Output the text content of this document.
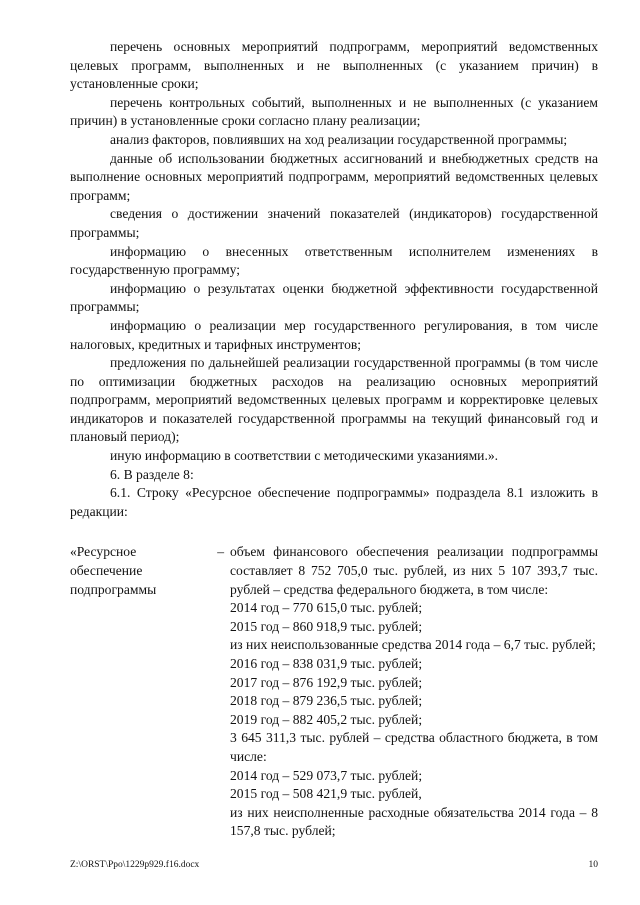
перечень основных мероприятий подпрограмм, мероприятий ведомственных целевых программ, выполненных и не выполненных (с указанием причин) в установленные сроки;

перечень контрольных событий, выполненных и не выполненных (с указанием причин) в установленные сроки согласно плану реализации;

анализ факторов, повлиявших на ход реализации государственной программы;

данные об использовании бюджетных ассигнований и внебюджетных средств на выполнение основных мероприятий подпрограмм, мероприятий ведомственных целевых программ;

сведения о достижении значений показателей (индикаторов) государственной программы;

информацию о внесенных ответственным исполнителем изменениях в государственную программу;

информацию о результатах оценки бюджетной эффективности государственной программы;

информацию о реализации мер государственного регулирования, в том числе налоговых, кредитных и тарифных инструментов;

предложения по дальнейшей реализации государственной программы (в том числе по оптимизации бюджетных расходов на реализацию основных мероприятий подпрограмм, мероприятий ведомственных целевых программ и корректировке целевых индикаторов и показателей государственной программы на текущий финансовый год и плановый период);

иную информацию в соответствии с методическими указаниями.».

6. В разделе 8:

6.1. Строку «Ресурсное обеспечение подпрограммы» подраздела 8.1 изложить в редакции:

«Ресурсное	–
обеспечение
подпрограммы

объем финансового обеспечения реализации подпрограммы составляет 8 752 705,0 тыс. рублей, из них 5 107 393,7 тыс. рублей – средства федерального бюджета, в том числе:

2014 год – 770 615,0 тыс. рублей;

2015 год – 860 918,9 тыс. рублей;

из них неиспользованные средства 2014 года – 6,7 тыс. рублей;

2016 год – 838 031,9 тыс. рублей;

2017 год – 876 192,9 тыс. рублей;

2018 год – 879 236,5 тыс. рублей;

2019 год – 882 405,2 тыс. рублей;

3 645 311,3 тыс. рублей – средства областного бюджета, в том числе:

2014 год – 529 073,7 тыс. рублей;

2015 год – 508 421,9 тыс. рублей,

из них неисполненные расходные обязательства 2014 года – 8 157,8 тыс. рублей;

Z:\ORST\Ppo\1229p929.f16.docx	10
